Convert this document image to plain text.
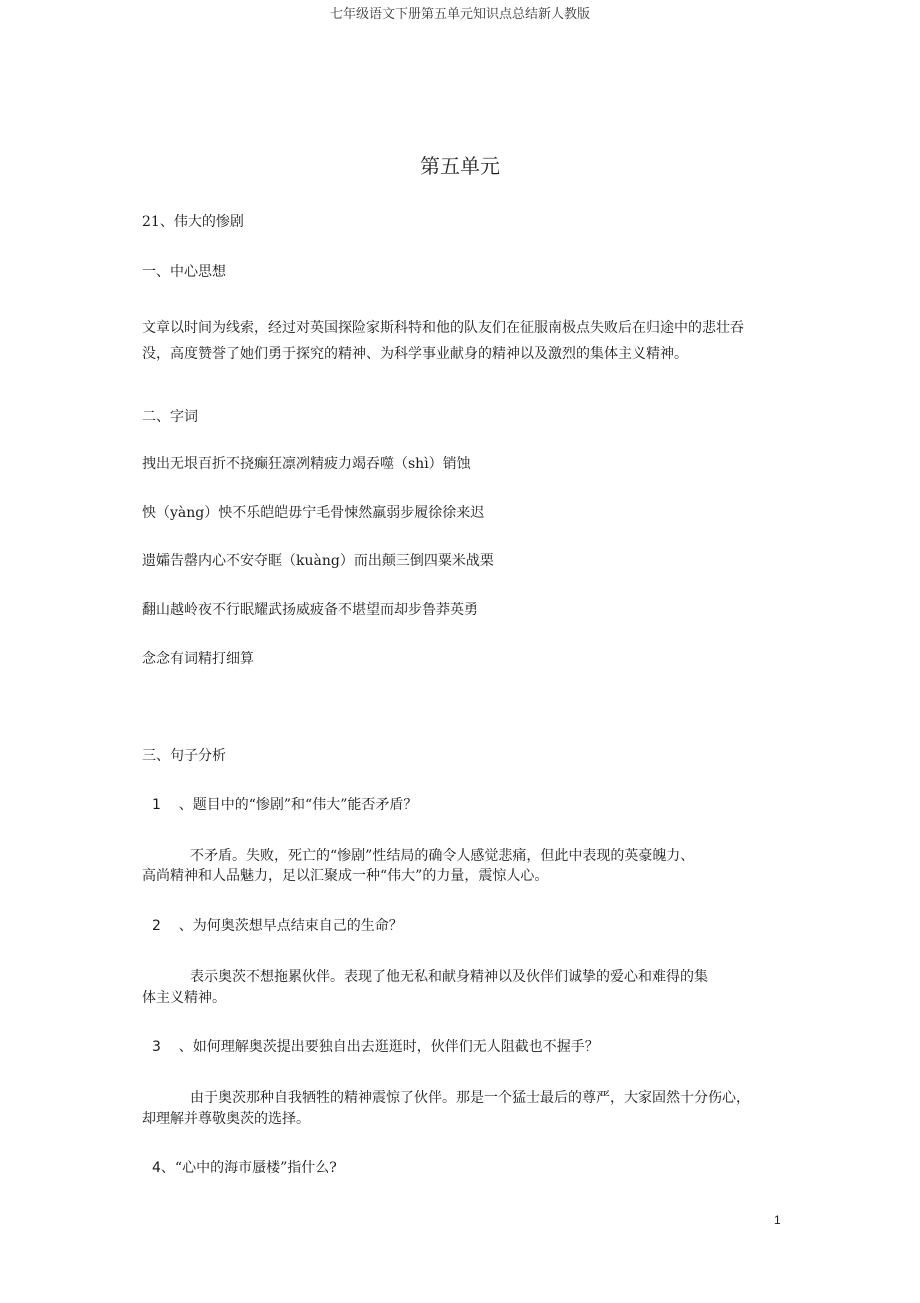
七年级语文下册第五单元知识点总结新人教版
第五单元
21、伟大的惨剧
一、中心思想
文章以时间为线索，经过对英国探险家斯科特和他的队友们在征服南极点失败后在归途中的悲壮吞没，高度赞誉了她们勇于探究的精神、为科学事业献身的精神以及激烈的集体主义精神。
二、字词
拽出无垠百折不挠癫狂凛冽精疲力竭吞噬（shì）销蚀
怏（yàng）怏不乐皑皑毋宁毛骨悚然羸弱步履徐徐来迟
遗孀告罄内心不安夺眶（kuàng）而出颠三倒四粟米战栗
翻山越岭夜不行眠耀武扬威疲备不堪望而却步鲁莽英勇
念念有词精打细算
三、句子分析
1 、题目中的“惨剧”和“伟大”能否矛盾？
不矛盾。失败，死亡的“惨剧”性结局的确令人感觉悲痛，但此中表现的英豪魄力、
高尚精神和人品魅力，足以汇聚成一种“伟大”的力量，震惊人心。
2 、为何奥茨想早点结束自己的生命？
表示奥茨不想拖累伙伴。表现了他无私和献身精神以及伙伴们诚挚的爱心和难得的集
体主义精神。
3 、如何理解奥茨提出要独自出去逛逛时，伙伴们无人阻截也不握手？
由于奥茨那种自我牺牲的精神震惊了伙伴。那是一个猛士最后的尊严，大家固然十分伤心，
却理解并尊敬奥茨的选择。
4、“心中的海市蜃楼”指什么?
1
